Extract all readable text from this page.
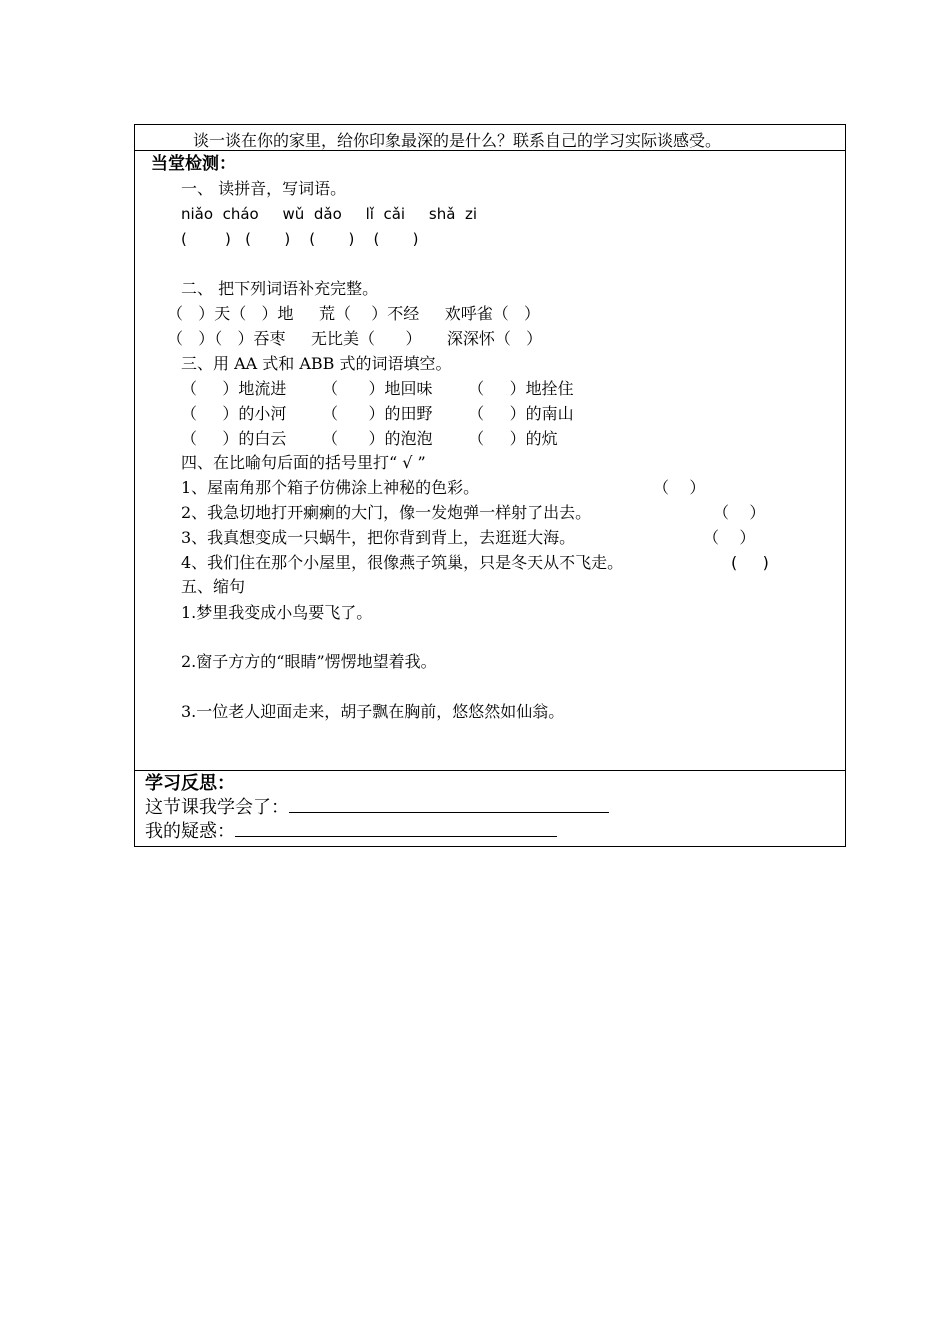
谈一谈在你的家里，给你印象最深的是什么？联系自己的学习实际谈感受。
当堂检测：
一、 读拼音，写词语。
niǎo  cháo     wǔ  dǎo     lǐ  cǎi     shǎ  zi
(        )   (       )    (       )    (       )
二、 把下列词语补充完整。
（   ）天（   ）地     荒（    ）不经     欢呼雀（   ）
（   ）（   ）吞枣     无比美（      ）     深深怀（   ）
三、用 AA 式和 ABB 式的词语填空。
（     ）地流进       （      ）地回味       （     ）地拴住
（     ）的小河       （      ）的田野       （     ）的南山
（     ）的白云       （      ）的泡泡       （     ）的炕
四、在比喻句后面的括号里打“ √ ”
1、屋南角那个箱子仿佛涂上神秘的色彩。	（    ）
2、我急切地打开瘌瘌的大门，像一发炮弹一样射了出去。	（    ）
3、我真想变成一只蜗牛，把你背到背上，去逛逛大海。	（    ）
4、我们住在那个小屋里，很像燕子筑巢，只是冬天从不飞走。	(     )
五、缩句
1.梦里我变成小鸟要飞了。
2.窗子方方的“眼睛”愣愣地望着我。
3.一位老人迎面走来，胡子飘在胸前，悠悠然如仙翁。
学习反思：
这节课我学会了：
我的疑惑：
